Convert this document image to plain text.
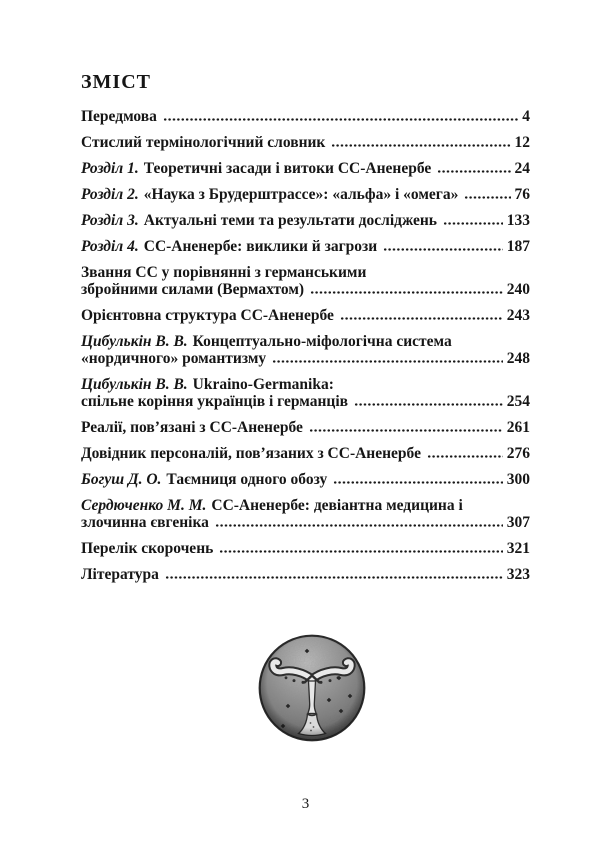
ЗМІСТ
Передмова	4
Стислий термінологічний словник	12
Розділ 1. Теоретичні засади і витоки СС-Аненербе	24
Розділ 2. «Наука з Брудерштрассе»: «альфа» і «омега»	76
Розділ 3. Актуальні теми та результати досліджень	133
Розділ 4. СС-Аненербе: виклики й загрози	187
Звання СС у порівнянні з германськими
збройними силами (Вермахтом)	240
Орієнтовна структура СС-Аненербе	243
Цибулькін В. В. Концептуально-міфологічна система
«нордичного» романтизму	248
Цибулькін В. В. Ukraino-Germanika:
спільне коріння українців і германців	254
Реалії, пов’язані з СС-Аненербе	261
Довідник персоналій, пов’язаних з СС-Аненербе	276
Богуш Д. О. Таємниця одного обозу	300
Сердюченко М. М. СС-Аненербе: девіантна медицина і
злочинна євгеніка	307
Перелік скорочень	321
Література	323
3
